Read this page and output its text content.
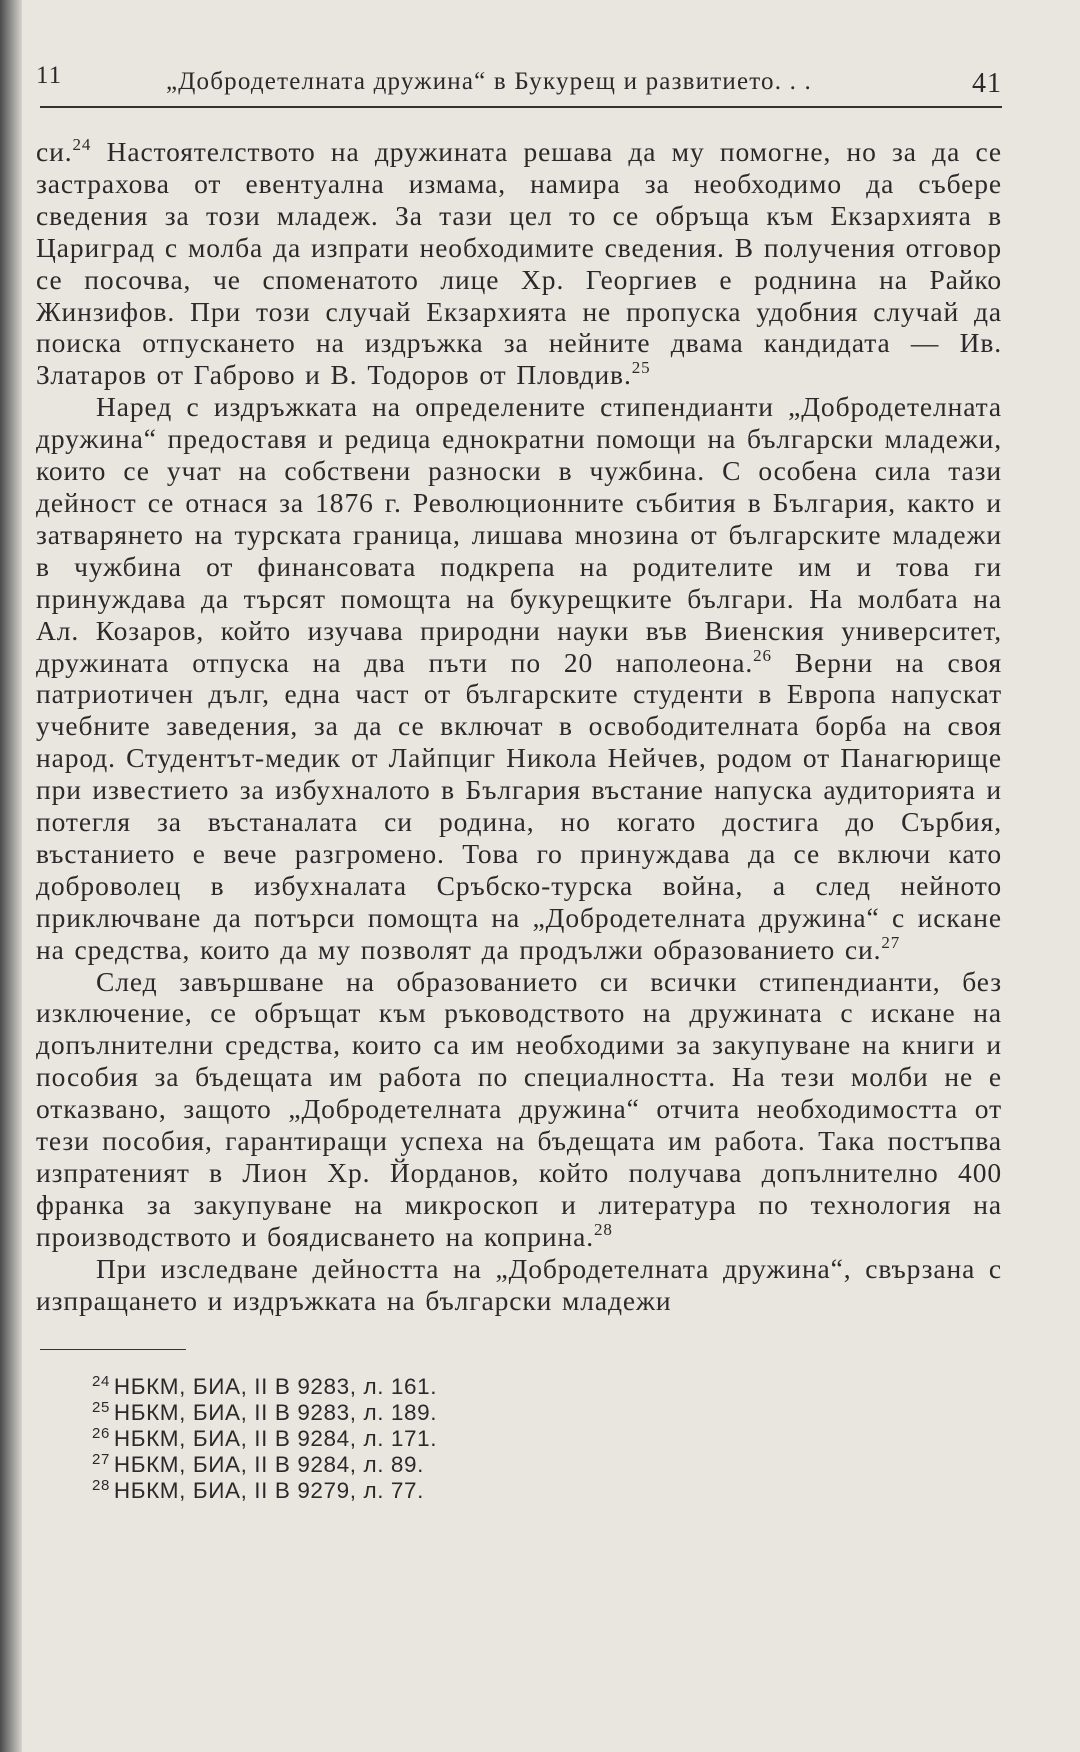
11	„Добродетелната дружина“ в Букурещ и развитието. . .	41

си.$^{24}$ Настоятелството на дружината решава да му помогне, но за да се застрахова от евентуална измама, намира за необходимо да събере сведения за този младеж. За тази цел то се обръща към Екзархията в Цариград с молба да изпрати необходимите сведения. В получения отговор се посочва, че споменатото лице Хр. Георгиев е роднина на Райко Жинзифов. При този случай Екзархията не пропуска удобния случай да поиска отпускането на издръжка за нейните двама кандидата — Ив. Златаров от Габрово и В. Тодоров от Пловдив.$^{25}$

Наред с издръжката на определените стипендианти „Добродетелната дружина“ предоставя и редица еднократни помощи на български младежи, които се учат на собствени разноски в чужбина. С особена сила тази дейност се отнася за 1876 г. Революционните събития в България, както и затварянето на турската граница, лишава мнозина от българските младежи в чужбина от финансовата подкрепа на родителите им и това ги принуждава да търсят помощта на букурещките българи. На молбата на Ал. Козаров, който изучава природни науки във Виенския университет, дружината отпуска на два пъти по 20 наполеона.$^{26}$ Верни на своя патриотичен дълг, една част от българските студенти в Европа напускат учебните заведения, за да се включат в освободителната борба на своя народ. Студентът-медик от Лайпциг Никола Нейчев, родом от Панагюрище при известието за избухналото в България въстание напуска аудиторията и потегля за въстаналата си родина, но когато достига до Сърбия, въстанието е вече разгромено. Това го принуждава да се включи като доброволец в избухналата Сръбско-турска война, а след нейното приключване да потърси помощта на „Добродетелната дружина“ с искане на средства, които да му позволят да продължи образованието си.$^{27}$

След завършване на образованието си всички стипендианти, без изключение, се обръщат към ръководството на дружината с искане на допълнителни средства, които са им необходими за закупуване на книги и пособия за бъдещата им работа по специалността. На тези молби не е отказвано, защото „Добродетелната дружина“ отчита необходимостта от тези пособия, гарантиращи успеха на бъдещата им работа. Така постъпва изпратеният в Лион Хр. Йорданов, който получава допълнително 400 франка за закупуване на микроскоп и литература по технология на производството и боядисването на коприна.$^{28}$

При изследване дейността на „Добродетелната дружина“, свързана с изпращането и издръжката на български младежи

$^{24}$ НБКМ, БИА, II В 9283, л. 161.
$^{25}$ НБКМ, БИА, II В 9283, л. 189.
$^{26}$ НБКМ, БИА, II В 9284, л. 171.
$^{27}$ НБКМ, БИА, II В 9284, л. 89.
$^{28}$ НБКМ, БИА, II В 9279, л. 77.
